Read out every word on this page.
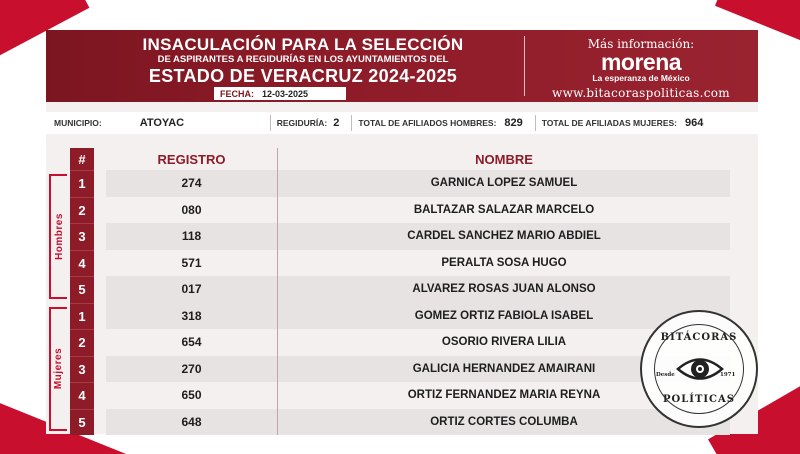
INSACULACIÓN PARA LA SELECCIÓN
DE ASPIRANTES A REGIDURÍAS EN LOS AYUNTAMIENTOS DEL
ESTADO DE VERACRUZ 2024-2025
FECHA: 12-03-2025
Más información:
morena
La esperanza de México
www.bitacoraspoliticas.com
MUNICIPIO:	ATOYAC	REGIDURÍA: 2 TOTAL DE AFILIADOS HOMBRES: 829 TOTAL DE AFILIADAS MUJERES: 964
#	REGISTRO	NOMBRE
1	274	GARNICA LOPEZ SAMUEL
2	080	BALTAZAR SALAZAR MARCELO
3	118	CARDEL SANCHEZ MARIO ABDIEL
4	571	PERALTA SOSA HUGO
5	017	ALVAREZ ROSAS JUAN ALONSO
Hombres
1	318	GOMEZ ORTIZ FABIOLA ISABEL
2	654	OSORIO RIVERA LILIA
3	270	GALICIA HERNANDEZ AMAIRANI
4	650	ORTIZ FERNANDEZ MARIA REYNA
5	648	ORTIZ CORTES COLUMBA
Mujeres
BITÁCORAS
Desde	1971
POLÍTICAS
